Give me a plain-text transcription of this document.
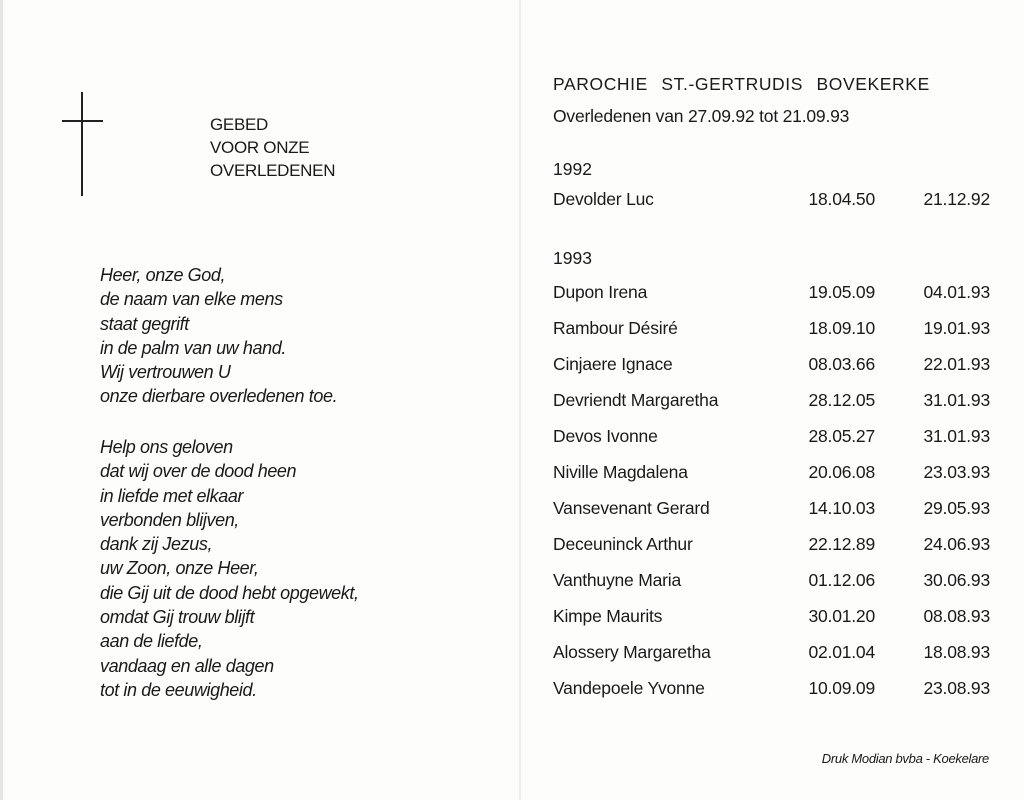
GEBED
VOOR ONZE
OVERLEDENEN
Heer, onze God,
de naam van elke mens
staat gegrift
in de palm van uw hand.
Wij vertrouwen U
onze dierbare overledenen toe.
Help ons geloven
dat wij over de dood heen
in liefde met elkaar
verbonden blijven,
dank zij Jezus,
uw Zoon, onze Heer,
die Gij uit de dood hebt opgewekt,
omdat Gij trouw blijft
aan de liefde,
vandaag en alle dagen
tot in de eeuwigheid.
PAROCHIE ST.-GERTRUDIS BOVEKERKE
Overledenen van 27.09.92 tot 21.09.93
1992
Devolder Luc	18.04.50	21.12.92
1993
Dupon Irena	19.05.09	04.01.93
Rambour Désiré	18.09.10	19.01.93
Cinjaere Ignace	08.03.66	22.01.93
Devriendt Margaretha	28.12.05	31.01.93
Devos Ivonne	28.05.27	31.01.93
Niville Magdalena	20.06.08	23.03.93
Vansevenant Gerard	14.10.03	29.05.93
Deceuninck Arthur	22.12.89	24.06.93
Vanthuyne Maria	01.12.06	30.06.93
Kimpe Maurits	30.01.20	08.08.93
Alossery Margaretha	02.01.04	18.08.93
Vandepoele Yvonne	10.09.09	23.08.93
Druk Modian bvba - Koekelare
